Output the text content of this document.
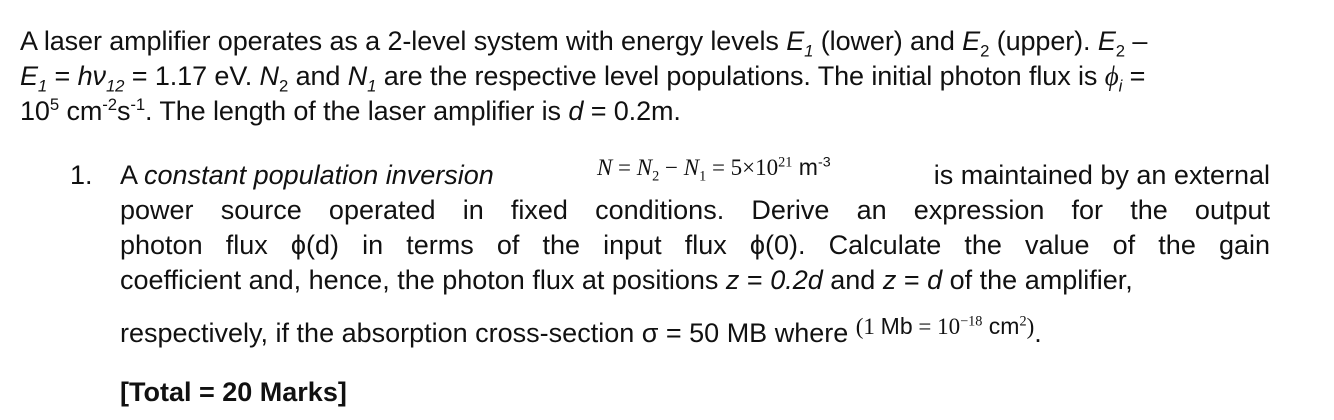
A laser amplifier operates as a 2-level system with energy levels $E_1$ (lower) and $E_2$ (upper). $E_2$ –
$E_1 = h\nu_{12} = 1.17$ eV. $N_2$ and $N_1$ are the respective level populations. The initial photon flux is $\phi_i$ =
$10^5$ $cm^{-2}s^{-1}$. The length of the laser amplifier is d = 0.2m.
1. A constant population inversion	$N = N_2 - N_1 = 5\times 10^{21}$ $m^{-3}$	is maintained by an external
power source operated in fixed conditions. Derive an expression for the output
photon flux ϕ(d) in terms of the input flux ϕ(0). Calculate the value of the gain
coefficient and, hence, the photon flux at positions z = 0.2d and z = d of the amplifier,
respectively, if the absorption cross-section σ = 50 MB where (1 $Mb = 10^{-18}$ $cm^2$).
[Total = 20 Marks]
